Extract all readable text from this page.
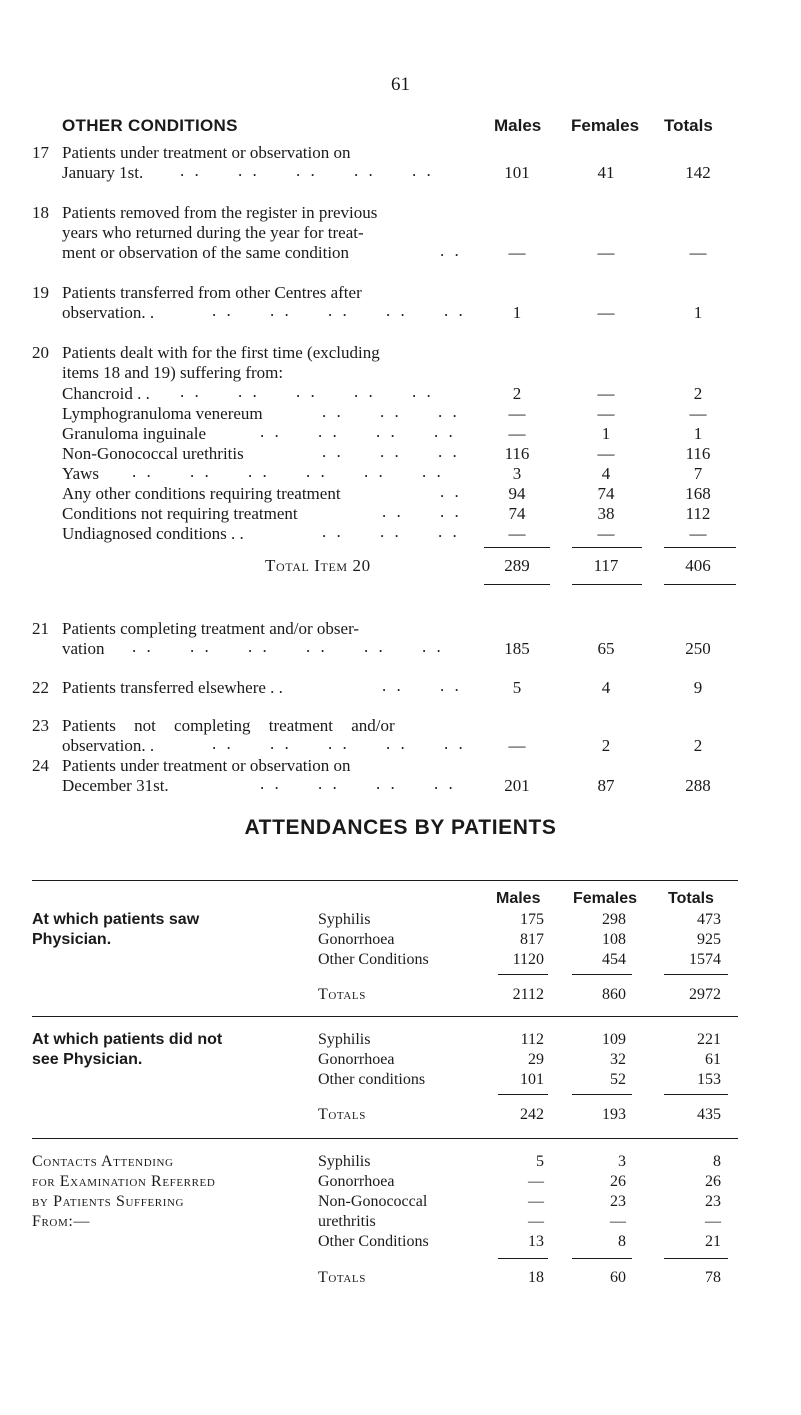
61
OTHER CONDITIONS	Males Females Totals
17 Patients under treatment or observation on
January 1st. . .     . .     . .     . .     . .	101	41	142
18 Patients removed from the register in previous
years who returned during the year for treat-
ment or observation of the same condition	. .	—	—	—
19 Patients transferred from other Centres after
observation. .	. .     . .     . .     . .     . .	1	—	1
20 Patients dealt with for the first time (excluding
items 18 and 19) suffering from:
Chancroid . . . .     . .     . .     . .     . .	2	—	2
Lymphogranuloma venereum	. .     . .     . .	—	—	—
Granuloma inguinale	. .     . .     . .     . .	—	1	1
Non-Gonococcal urethritis	. .     . .     . .	116	—	116
Yaws . .     . .     . .     . .     . .     . .	3	4	7
Any other conditions requiring treatment	. .	94	74	168
Conditions not requiring treatment	. .     . .	74	38	112
Undiagnosed conditions . .	. .     . .     . .	—	—	—
Total Item 20	289	117	406
21 Patients completing treatment and/or obser-
vation . .     . .     . .     . .     . .     . .	185	65	250
22 Patients transferred elsewhere . .	. .     . .	5	4	9
23 Patients not completing treatment and/or
observation. .	. .     . .     . .     . .     . .	—	2	2
24 Patients under treatment or observation on
December 31st.	. .     . .     . .     . .	201	87	288
ATTENDANCES BY PATIENTS
Males Females Totals
At which patients saw
Physician.
Syphilis	175	298	473
Gonorrhoea	817	108	925
Other Conditions	1120	454	1574
Totals	2112	860	2972
At which patients did not
see Physician.
Syphilis	112	109	221
Gonorrhoea	29	32	61
Other conditions	101	52	153
Totals	242	193	435
Contacts Attending
for Examination Referred
by Patients Suffering
From:—
Syphilis	5	3	8
Gonorrhoea	—	26	26
Non-Gonococcal	—	23	23
urethritis	—	—	—
Other Conditions	13	8	21
Totals	18	60	78
